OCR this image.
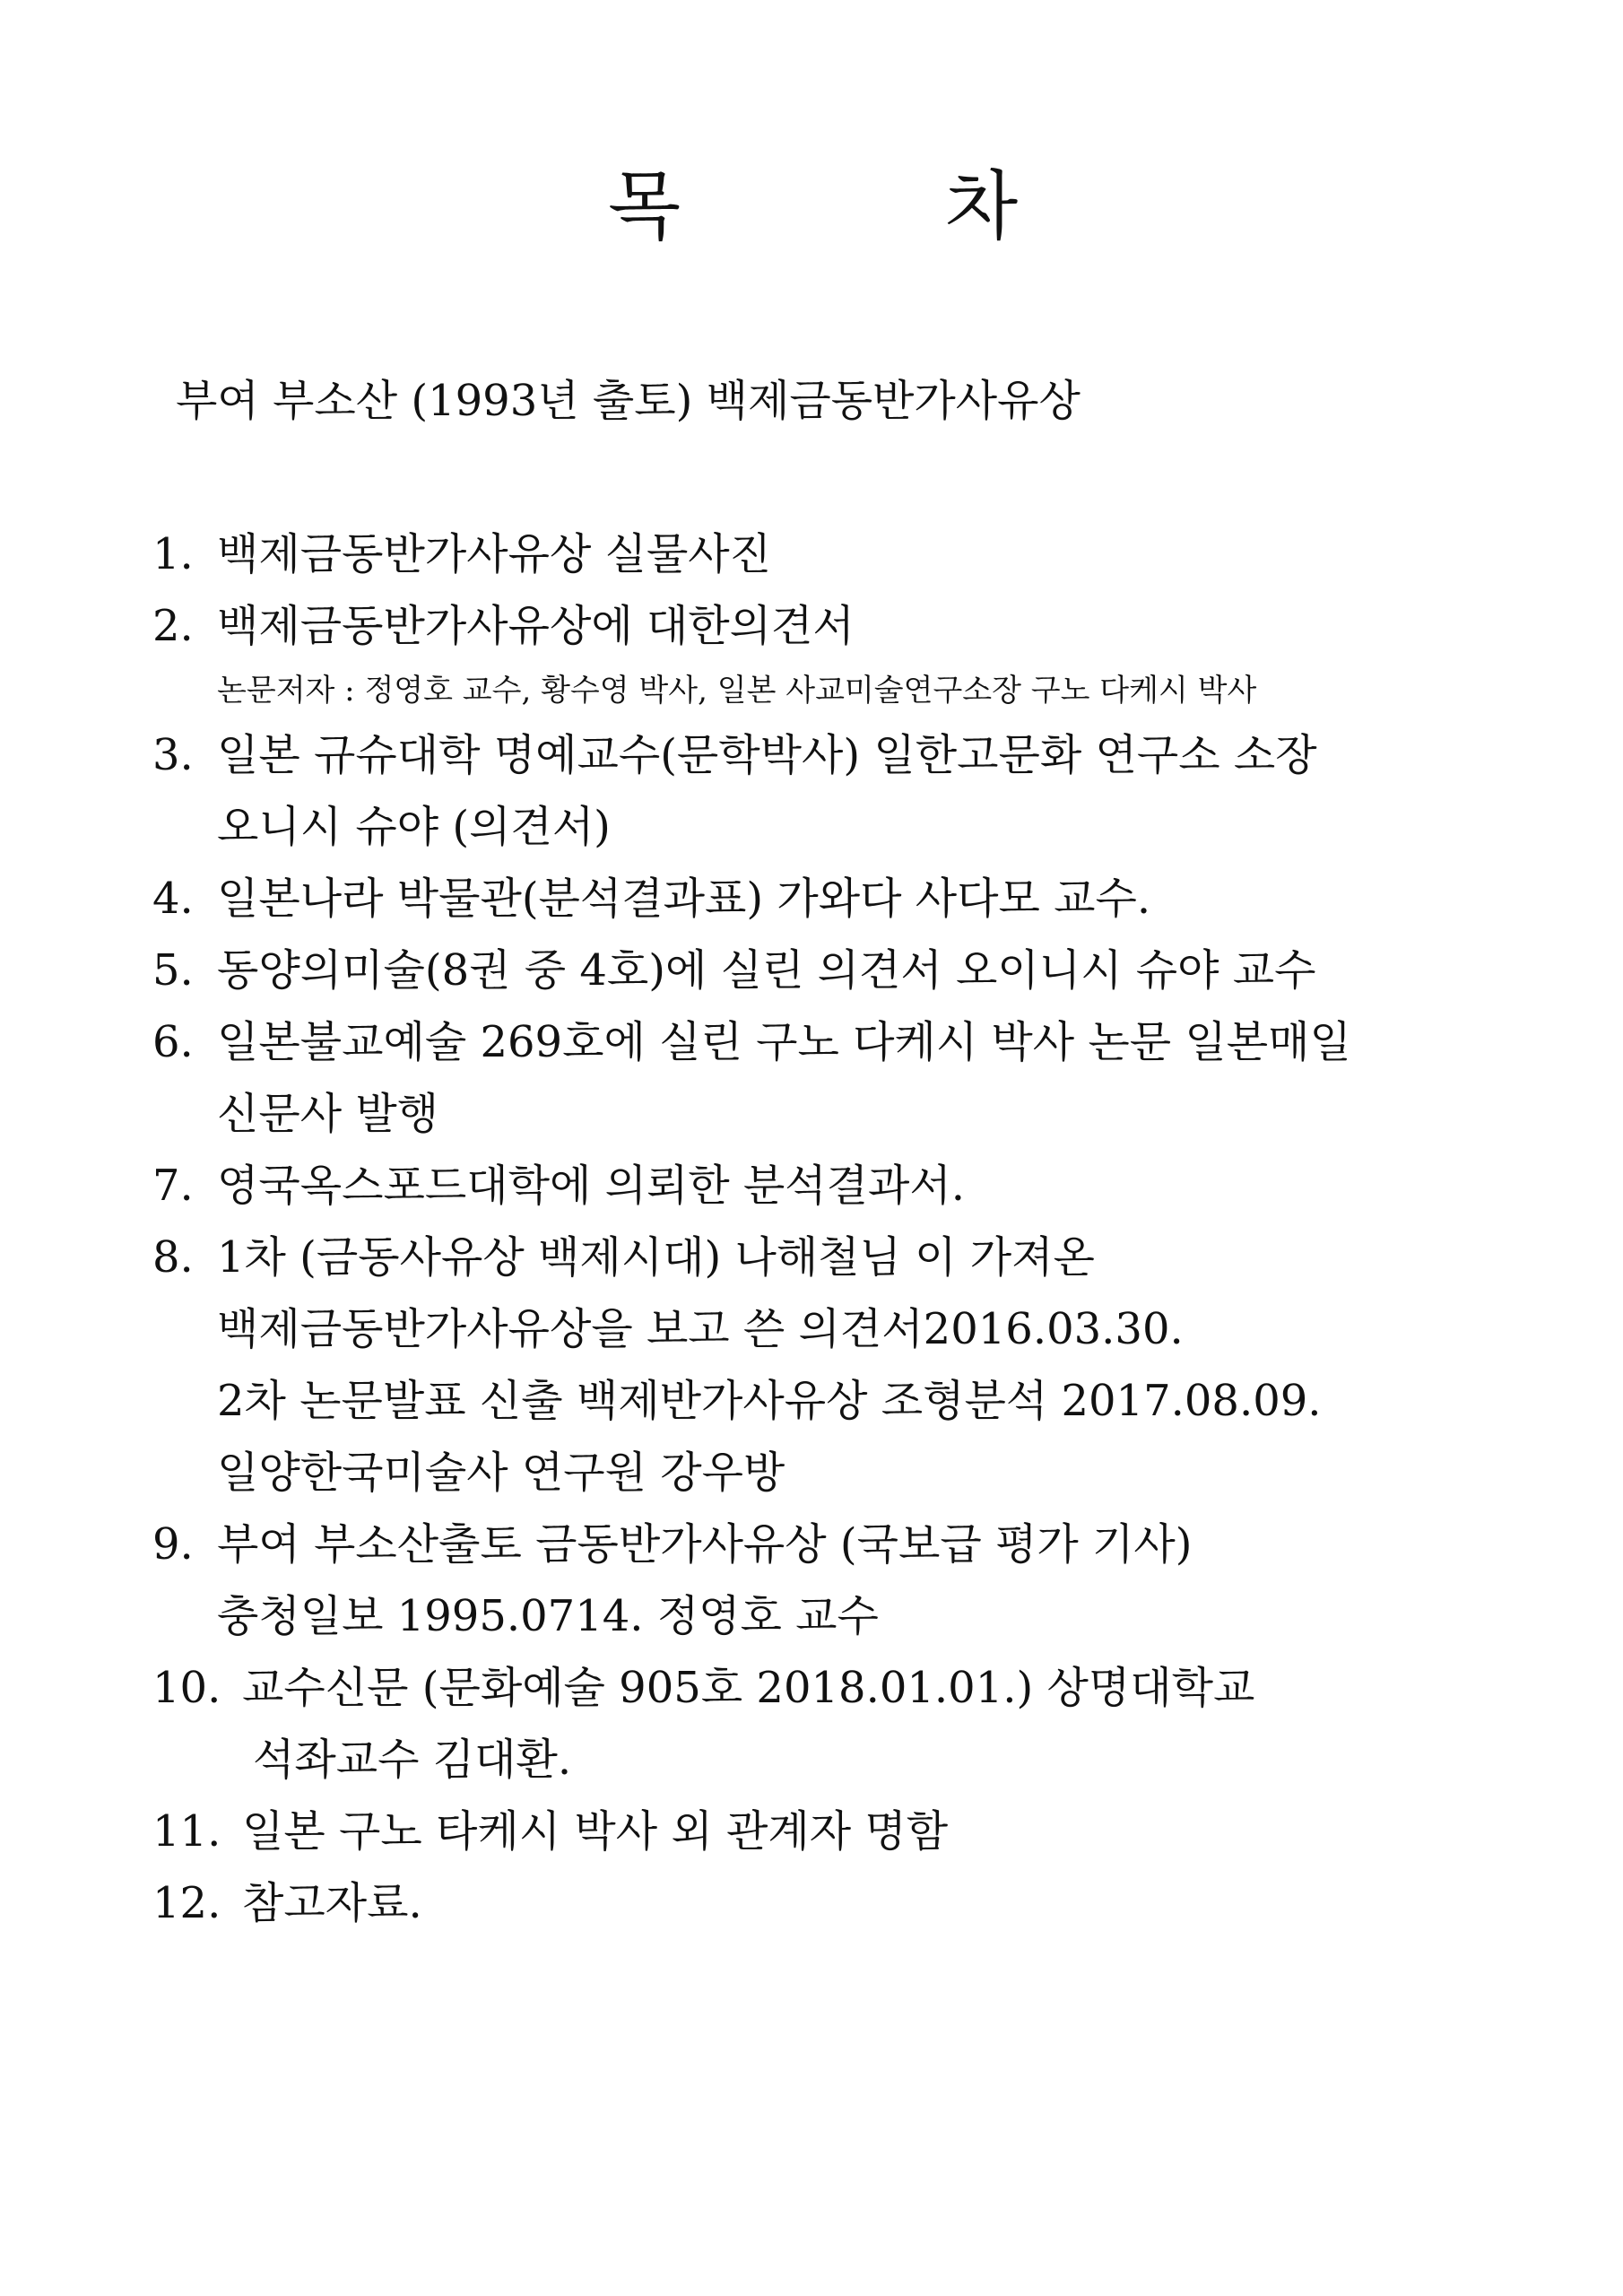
목	차
부여 부소산 (1993년 출토) 백제금동반가사유상
1. 백제금동반가사유상 실물사진
2. 백제금동반가사유상에 대한의견서
논문저자 : 정영호 교수, 황수영 박사, 일본 사교미술연구소장 구노 다케시 박사
3. 일본 규슈대학 명예교수(문학박사) 일한고문화 연구소 소장
오니시 슈야 (의견서)
4. 일본나라 박물관(분석결과표) 가와다 사다모 교수.
5. 동양의미술(8권 중 4호)에 실린 의견서 오이니시 슈야 교수
6. 일본불교예술 269호에 실린 구노 다케시 박사 논문 일본매일
신문사 발행
7. 영국옥스포드대학에 의뢰한 분석결과서.
8. 1차 (금동사유상 백제시대) 나해철님 이 가져온
백제금동반가사유상을 보고 쓴 의견서2016.03.30.
2차 논문발표 신출 백제반가사유상 조형분석 2017.08.09.
일양한국미술사 연구원 강우방
9. 부여 부소산출토 금동반가사유상 (국보급 평가 기사)
충청일보 1995.0714. 정영호 교수
10. 교수신문 (문화예술 905호 2018.01.01.) 상명대학교
석좌교수 김대환.
11. 일본 구노 타케시 박사 외 관계자 명함
12. 참고자료.
